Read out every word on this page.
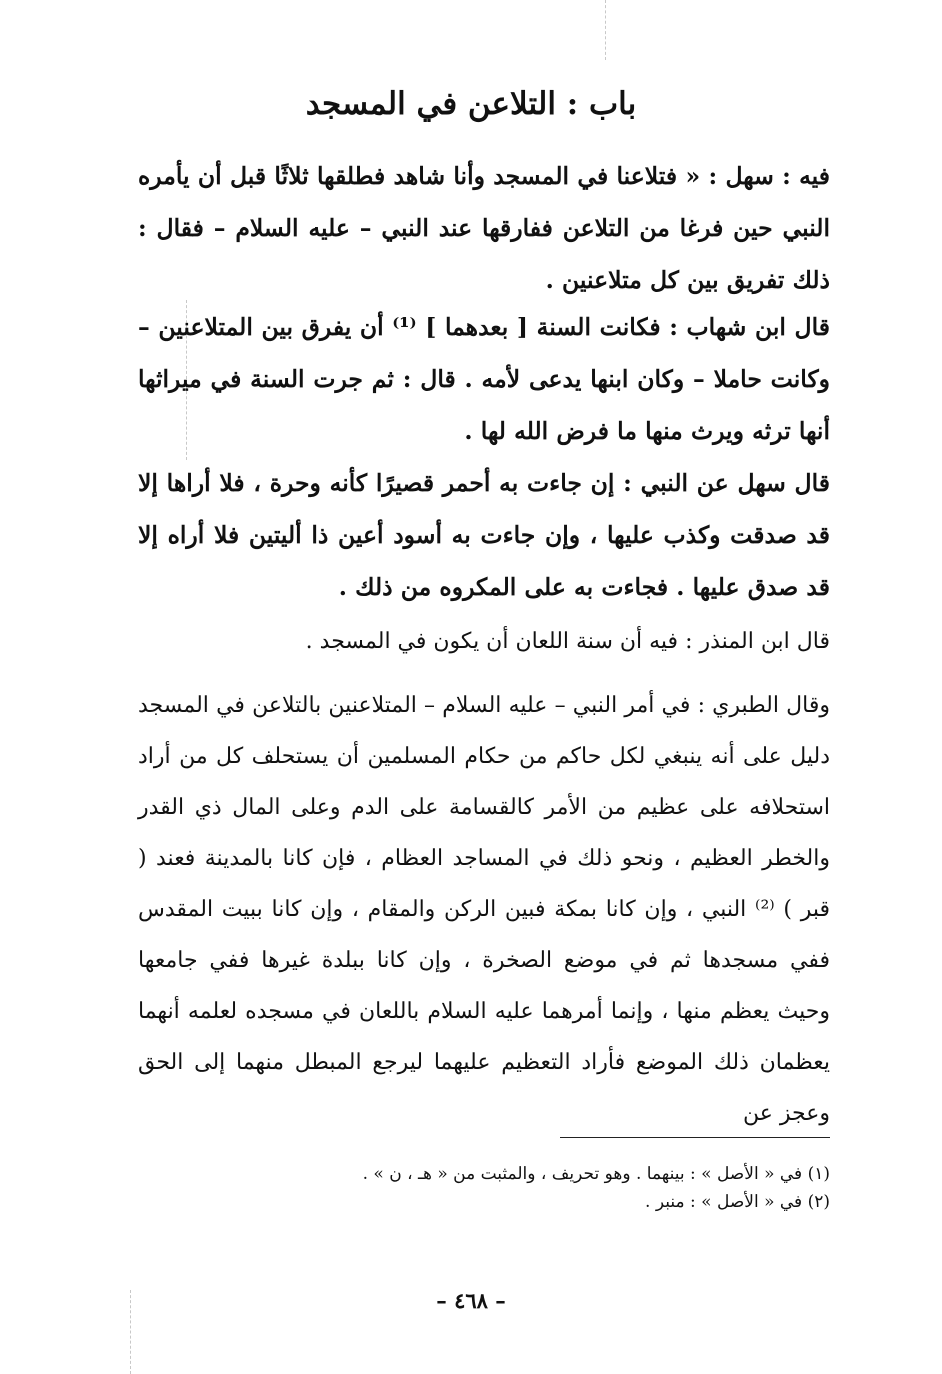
باب : التلاعن في المسجد
فيه : سهل : « فتلاعنا في المسجد وأنا شاهد فطلقها ثلاثًا قبل أن يأمره النبي حين فرغا من التلاعن ففارقها عند النبي – عليه السلام – فقال : ذلك تفريق بين كل متلاعنين .
قال ابن شهاب : فكانت السنة [ بعدهما ] ⁽¹⁾ أن يفرق بين المتلاعنين – وكانت حاملا – وكان ابنها يدعى لأمه . قال : ثم جرت السنة في ميراثها أنها ترثه ويرث منها ما فرض الله لها .
قال سهل عن النبي : إن جاءت به أحمر قصيرًا كأنه وحرة ، فلا أراها إلا قد صدقت وكذب عليها ، وإن جاءت به أسود أعين ذا أليتين فلا أراه إلا قد صدق عليها . فجاءت به على المكروه من ذلك .
قال ابن المنذر : فيه أن سنة اللعان أن يكون في المسجد .
وقال الطبري : في أمر النبي – عليه السلام – المتلاعنين بالتلاعن في المسجد دليل على أنه ينبغي لكل حاكم من حكام المسلمين أن يستحلف كل من أراد استحلافه على عظيم من الأمر كالقسامة على الدم وعلى المال ذي القدر والخطر العظيم ، ونحو ذلك في المساجد العظام ، فإن كانا بالمدينة فعند ( قبر ) ⁽²⁾ النبي ، وإن كانا بمكة فبين الركن والمقام ، وإن كانا ببيت المقدس ففي مسجدها ثم في موضع الصخرة ، وإن كانا ببلدة غيرها ففي جامعها وحيث يعظم منها ، وإنما أمرهما عليه السلام باللعان في مسجده لعلمه أنهما يعظمان ذلك الموضع فأراد التعظيم عليهما ليرجع المبطل منهما إلى الحق وعجز عن
(١) في « الأصل » : بينهما . وهو تحريف ، والمثبت من « هـ ، ن » .
(٢) في « الأصل » : منبر .
– ٤٦٨ –
